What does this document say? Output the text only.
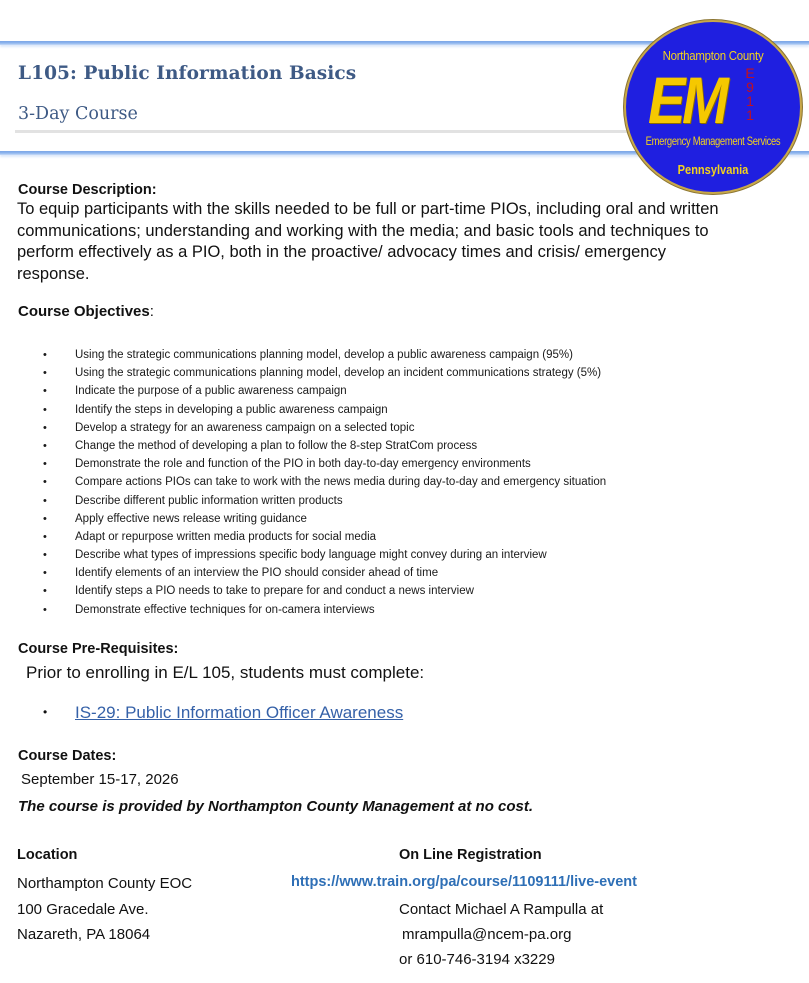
L105: Public Information Basics
3-Day Course
Northampton County
EM E
9
1
1
Emergency Management Services
Pennsylvania
Course Description:
To equip participants with the skills needed to be full or part-time PIOs, including oral and written communications; understanding and working with the media; and basic tools and techniques to perform effectively as a PIO, both in the proactive/ advocacy times and crisis/ emergency response.
Course Objectives:
• Using the strategic communications planning model, develop a public awareness campaign (95%)
• Using the strategic communications planning model, develop an incident communications strategy (5%)
• Indicate the purpose of a public awareness campaign
• Identify the steps in developing a public awareness campaign
• Develop a strategy for an awareness campaign on a selected topic
• Change the method of developing a plan to follow the 8-step StratCom process
• Demonstrate the role and function of the PIO in both day-to-day emergency environments
• Compare actions PIOs can take to work with the news media during day-to-day and emergency situation
• Describe different public information written products
• Apply effective news release writing guidance
• Adapt or repurpose written media products for social media
• Describe what types of impressions specific body language might convey during an interview
• Identify elements of an interview the PIO should consider ahead of time
• Identify steps a PIO needs to take to prepare for and conduct a news interview
• Demonstrate effective techniques for on-camera interviews
Course Pre-Requisites:
Prior to enrolling in E/L 105, students must complete:
• IS-29: Public Information Officer Awareness
Course Dates:
September 15-17, 2026
The course is provided by Northampton County Management at no cost.
Location
Northampton County EOC
100 Gracedale Ave.
Nazareth, PA 18064
On Line Registration
https://www.train.org/pa/course/1109111/live-event
Contact Michael A Rampulla at
mrampulla@ncem-pa.org
or 610-746-3194 x3229
